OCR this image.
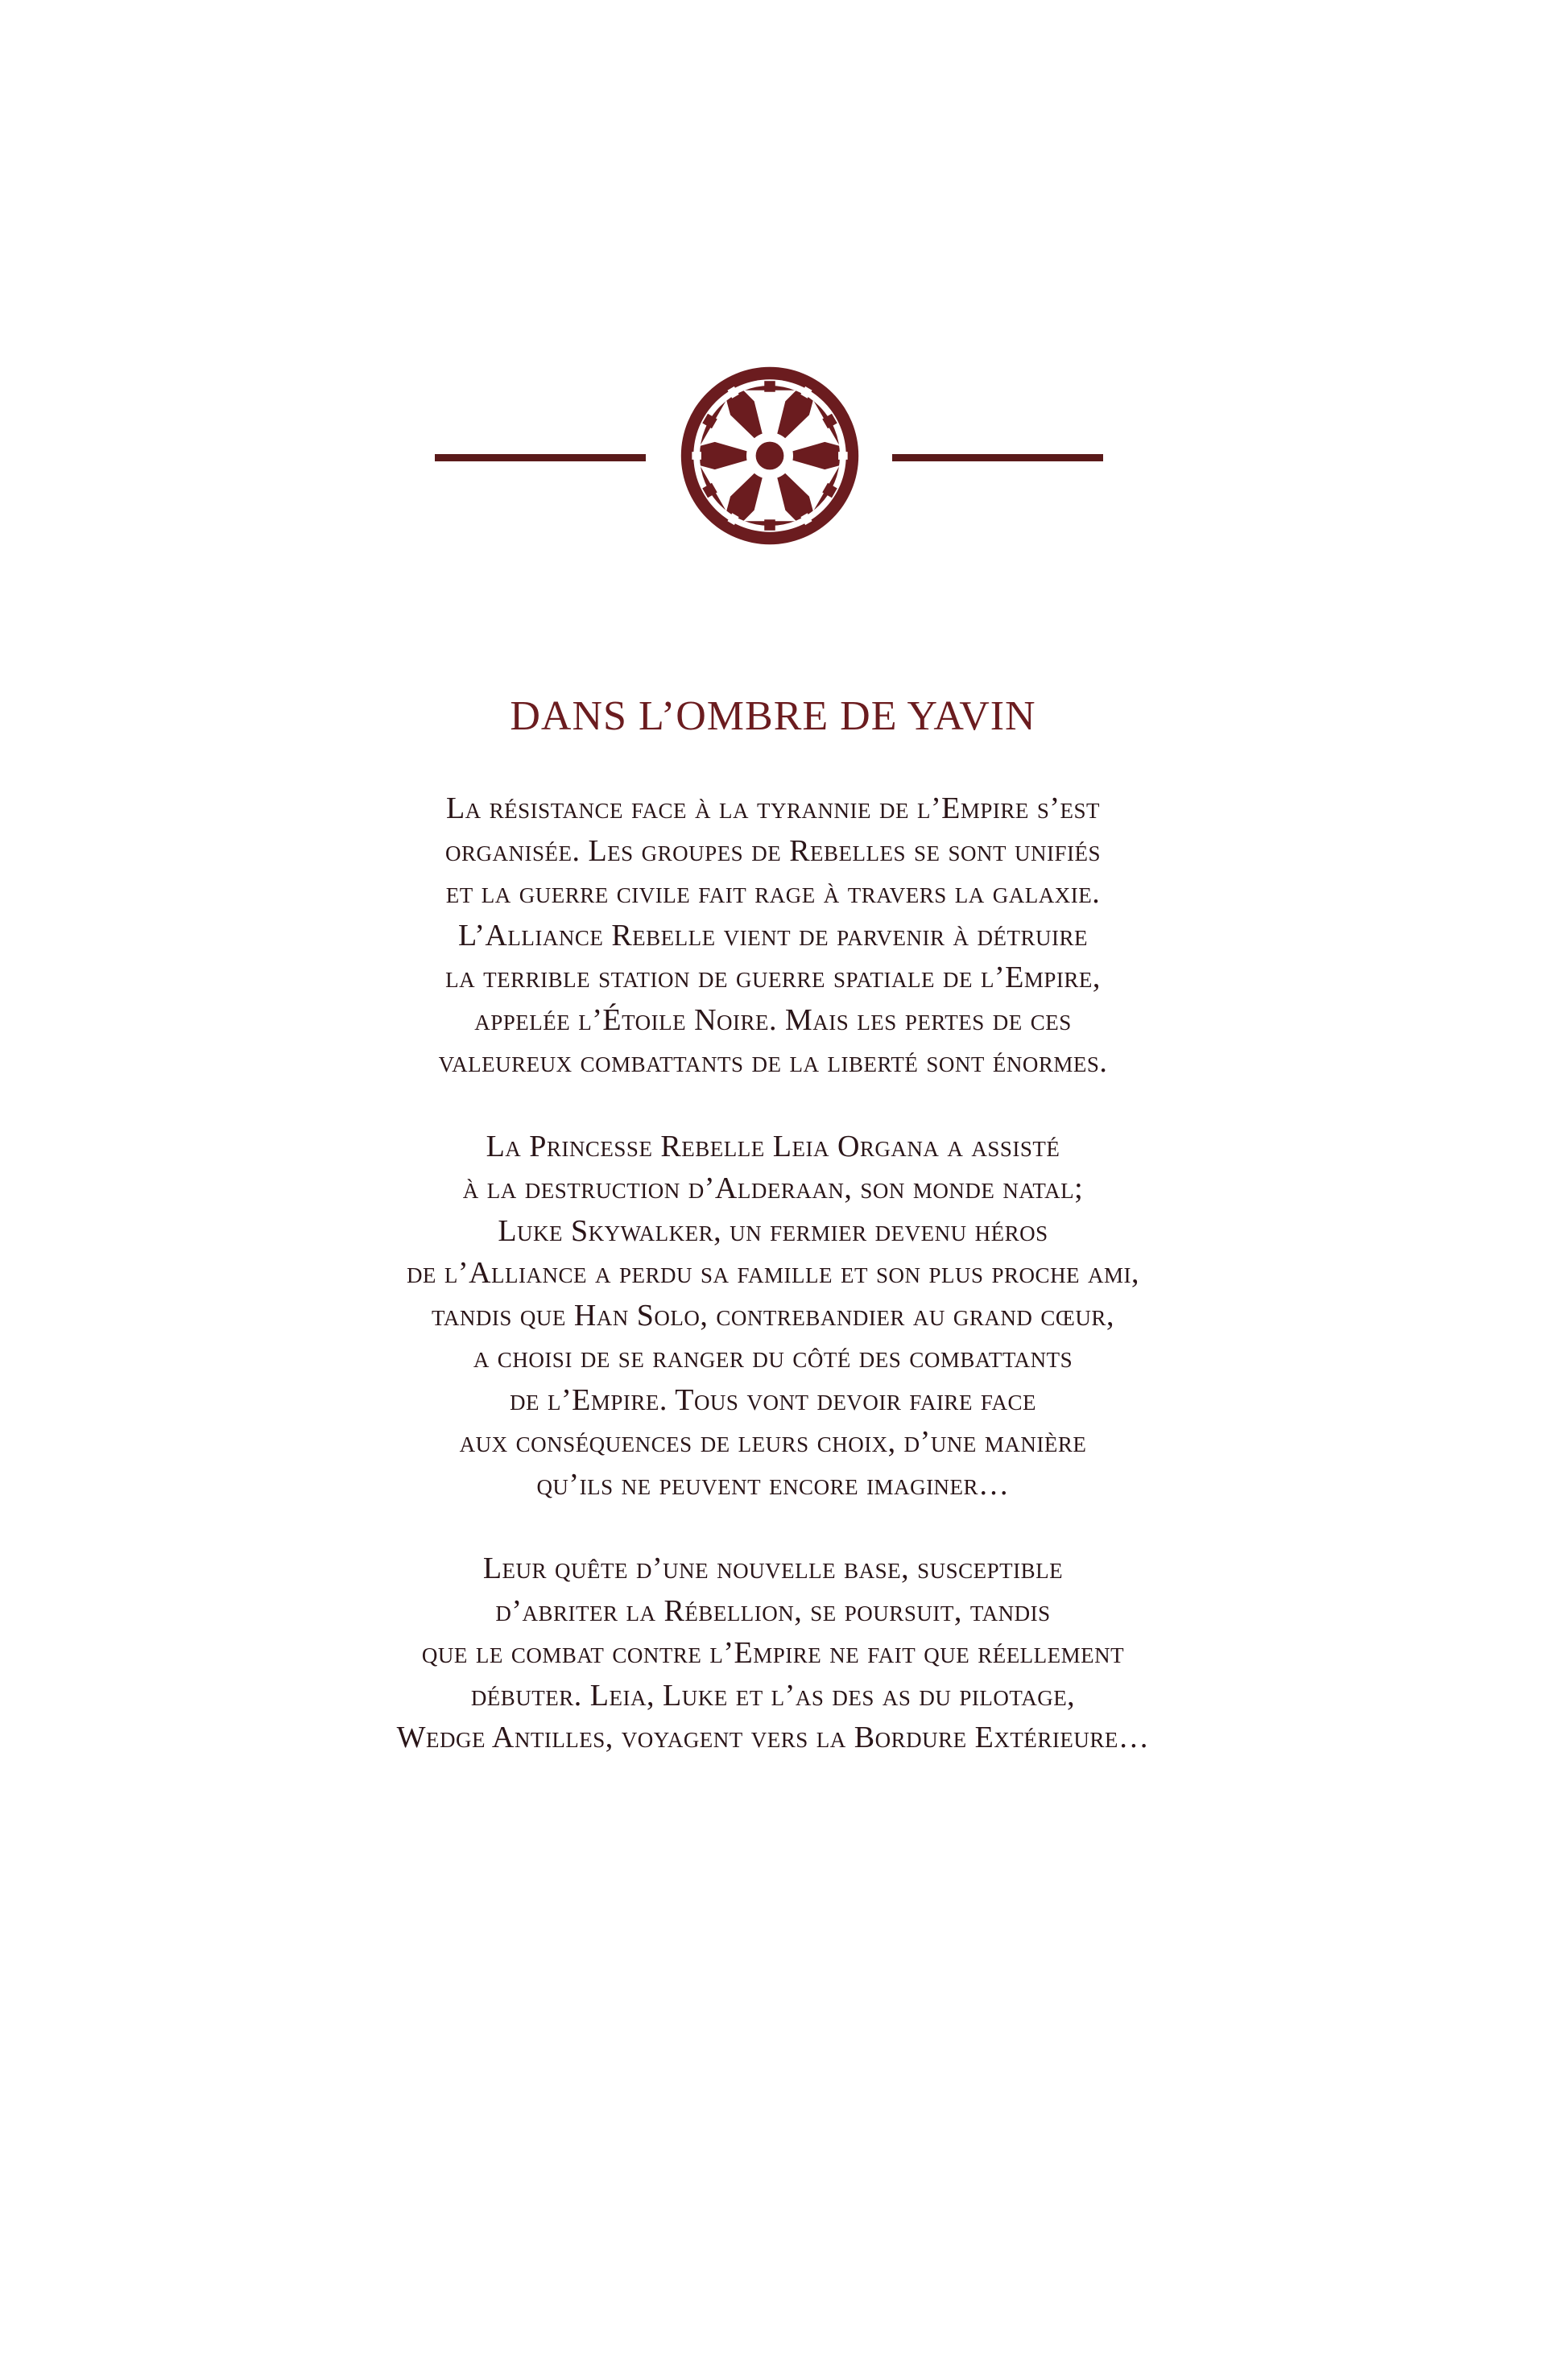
DANS L’OMBRE DE YAVIN

La résistance face à la tyrannie de l’Empire s’est
organisée. Les groupes de Rebelles se sont unifiés
et la guerre civile fait rage à travers la galaxie.
L’Alliance Rebelle vient de parvenir à détruire
la terrible station de guerre spatiale de l’Empire,
appelée l’Étoile Noire. Mais les pertes de ces
valeureux combattants de la liberté sont énormes.

La Princesse Rebelle Leia Organa a assisté
à la destruction d’Alderaan, son monde natal;
Luke Skywalker, un fermier devenu héros
de l’Alliance a perdu sa famille et son plus proche ami,
tandis que Han Solo, contrebandier au grand cœur,
a choisi de se ranger du côté des combattants
de l’Empire. Tous vont devoir faire face
aux conséquences de leurs choix, d’une manière
qu’ils ne peuvent encore imaginer…

Leur quête d’une nouvelle base, susceptible
d’abriter la Rébellion, se poursuit, tandis
que le combat contre l’Empire ne fait que réellement
débuter. Leia, Luke et l’as des as du pilotage,
Wedge Antilles, voyagent vers la Bordure Extérieure…
